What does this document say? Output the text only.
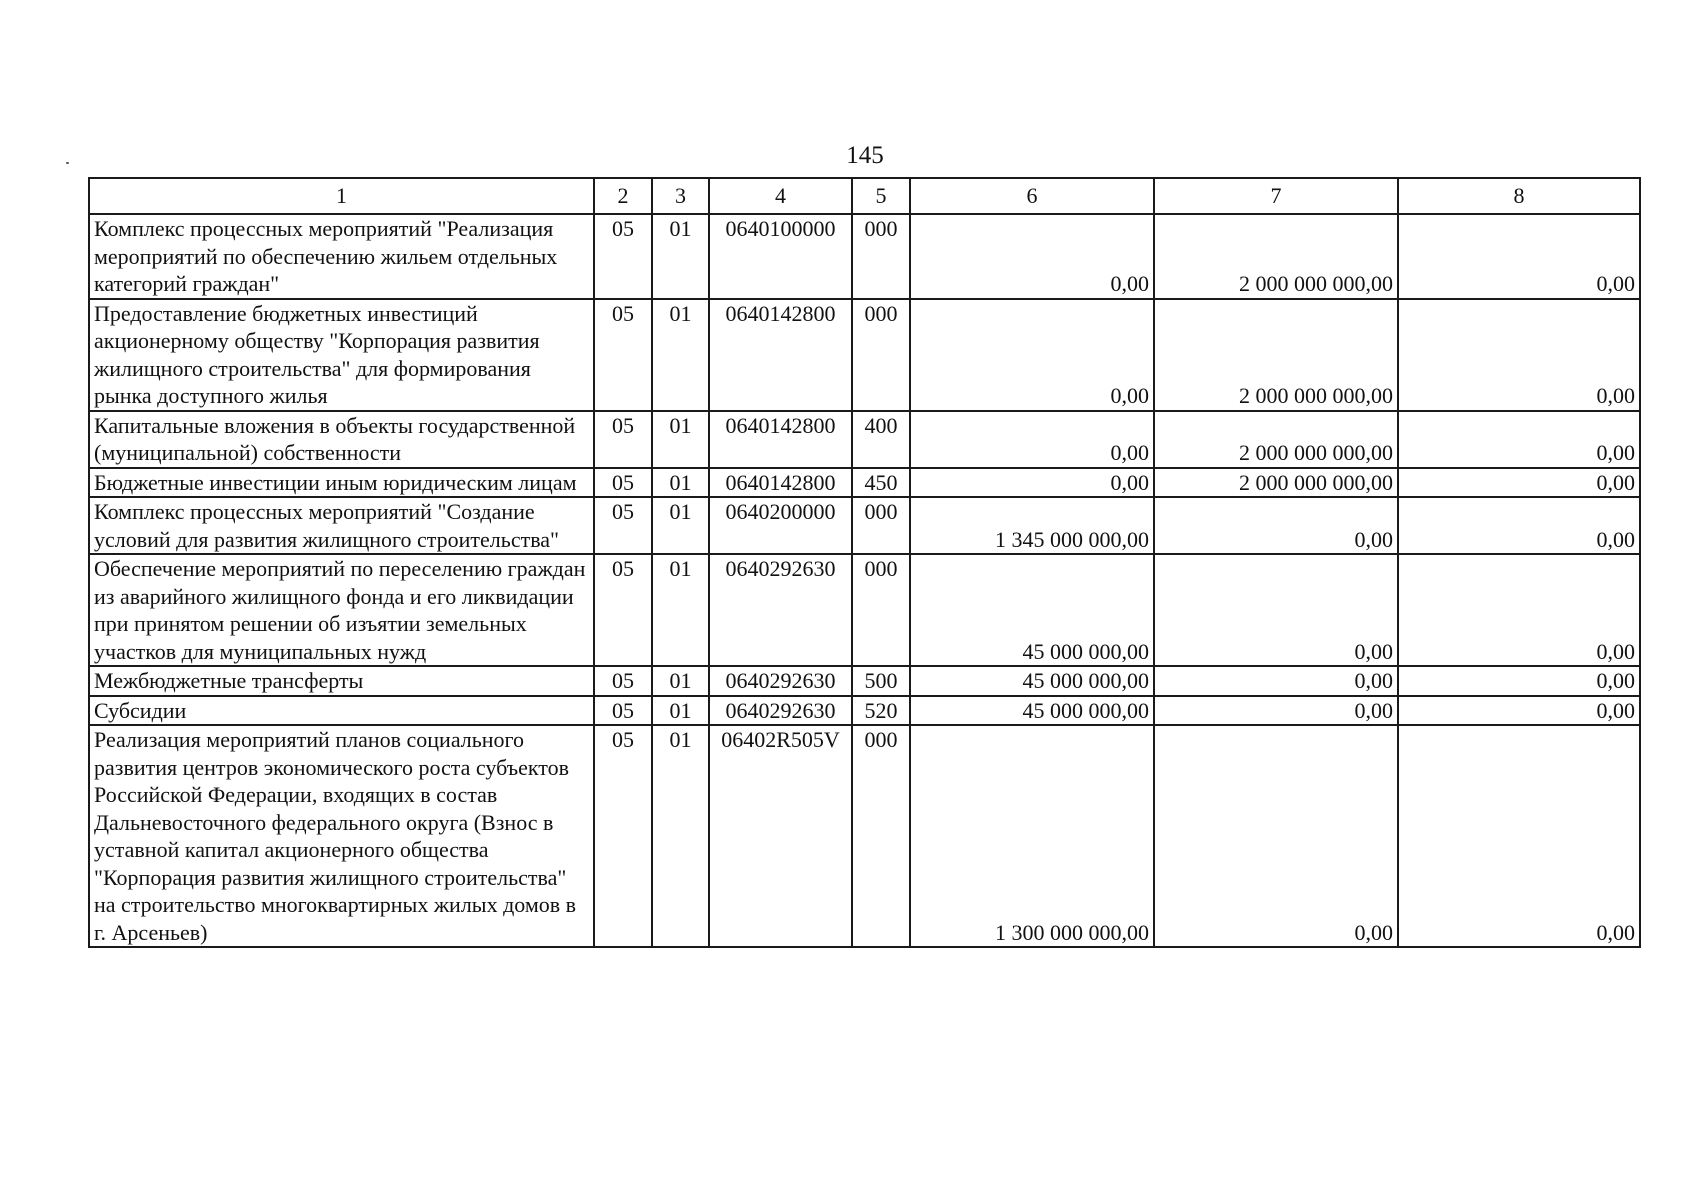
145
1	2	3	4	5	6	7	8
Комплекс процессных мероприятий "Реализация мероприятий по обеспечению жильем отдельных категорий граждан"	05	01	0640100000	000	0,00	2 000 000 000,00	0,00
Предоставление бюджетных инвестиций акционерному обществу "Корпорация развития жилищного строительства" для формирования рынка доступного жилья	05	01	0640142800	000	0,00	2 000 000 000,00	0,00
Капитальные вложения в объекты государственной (муниципальной) собственности	05	01	0640142800	400	0,00	2 000 000 000,00	0,00
Бюджетные инвестиции иным юридическим лицам	05	01	0640142800	450	0,00	2 000 000 000,00	0,00
Комплекс процессных мероприятий "Создание условий для развития жилищного строительства"	05	01	0640200000	000	1 345 000 000,00	0,00	0,00
Обеспечение мероприятий по переселению граждан из аварийного жилищного фонда и его ликвидации при принятом решении об изъятии земельных участков для муниципальных нужд	05	01	0640292630	000	45 000 000,00	0,00	0,00
Межбюджетные трансферты	05	01	0640292630	500	45 000 000,00	0,00	0,00
Субсидии	05	01	0640292630	520	45 000 000,00	0,00	0,00
Реализация мероприятий планов социального развития центров экономического роста субъектов Российской Федерации, входящих в состав Дальневосточного федерального округа (Взнос в уставной капитал акционерного общества "Корпорация развития жилищного строительства" на строительство многоквартирных жилых домов в г. Арсеньев)	05	01	06402R505V	000	1 300 000 000,00	0,00	0,00
